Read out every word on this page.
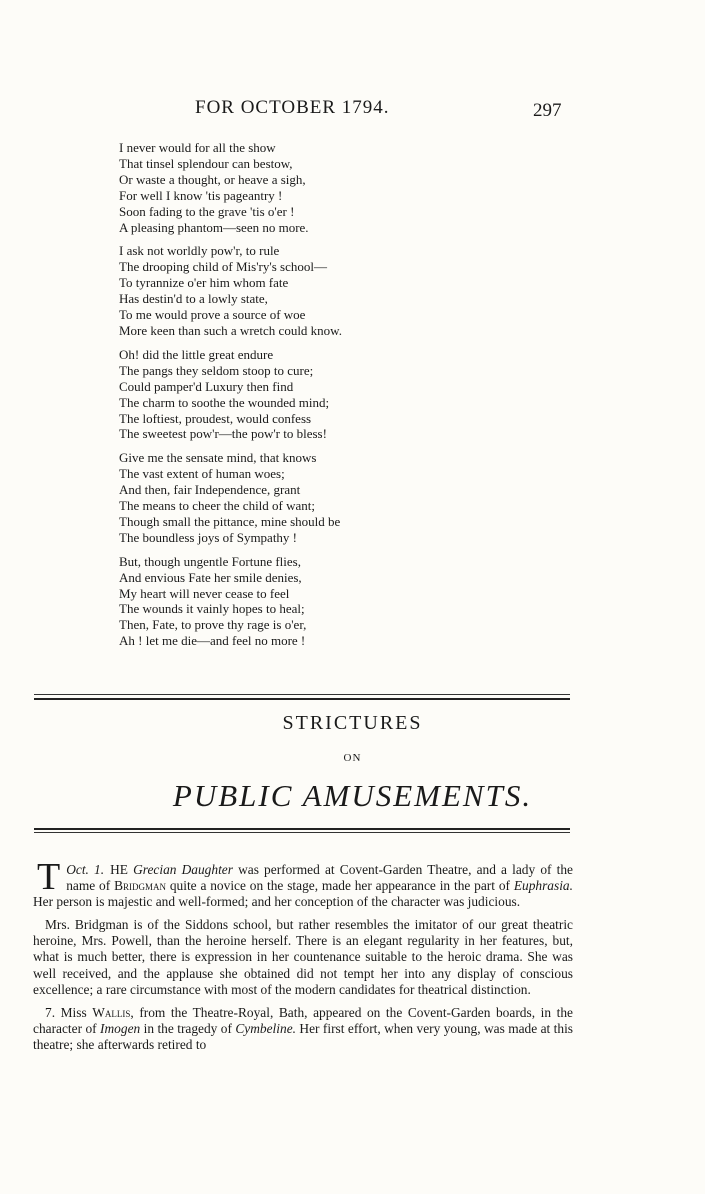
FOR OCTOBER 1794.	297
I never would for all the show
That tinsel splendour can bestow,
Or waste a thought, or heave a sigh,
For well I know 'tis pageantry !
Soon fading to the grave 'tis o'er !
A pleasing phantom—seen no more.
I ask not worldly pow'r, to rule
The drooping child of Mis'ry's school—
To tyrannize o'er him whom fate
Has destin'd to a lowly state,
To me would prove a source of woe
More keen than such a wretch could know.
Oh! did the little great endure
The pangs they seldom stoop to cure;
Could pamper'd Luxury then find
The charm to soothe the wounded mind;
The loftiest, proudest, would confess
The sweetest pow'r—the pow'r to bless!
Give me the sensate mind, that knows
The vast extent of human woes;
And then, fair Independence, grant
The means to cheer the child of want;
Though small the pittance, mine should be
The boundless joys of Sympathy !
But, though ungentle Fortune flies,
And envious Fate her smile denies,
My heart will never cease to feel
The wounds it vainly hopes to heal;
Then, Fate, to prove thy rage is o'er,
Ah ! let me die—and feel no more !
STRICTURES
ON
PUBLIC AMUSEMENTS.

Oct. 1.
T	HE Grecian Daughter was performed at Covent-Garden Theatre, and a lady of the name of Bridgman quite a novice on the stage, made her appearance in the part of Euphrasia. Her person is majestic and well-formed; and her conception of the character was judicious.

Mrs. Bridgman is of the Siddons school, but rather resembles the imitator of our great theatric heroine, Mrs. Powell, than the heroine herself. There is an elegant regularity in her features, but, what is much better, there is expression in her countenance suitable to the heroic drama. She was well received, and the applause she obtained did not tempt her into any display of conscious excellence; a rare circumstance with most of the modern candidates for theatrical distinction.

7. Miss Wallis, from the Theatre-Royal, Bath, appeared on the Covent-Garden boards, in the character of Imogen in the tragedy of Cymbeline. Her first effort, when very young, was made at this theatre; she afterwards retired to
